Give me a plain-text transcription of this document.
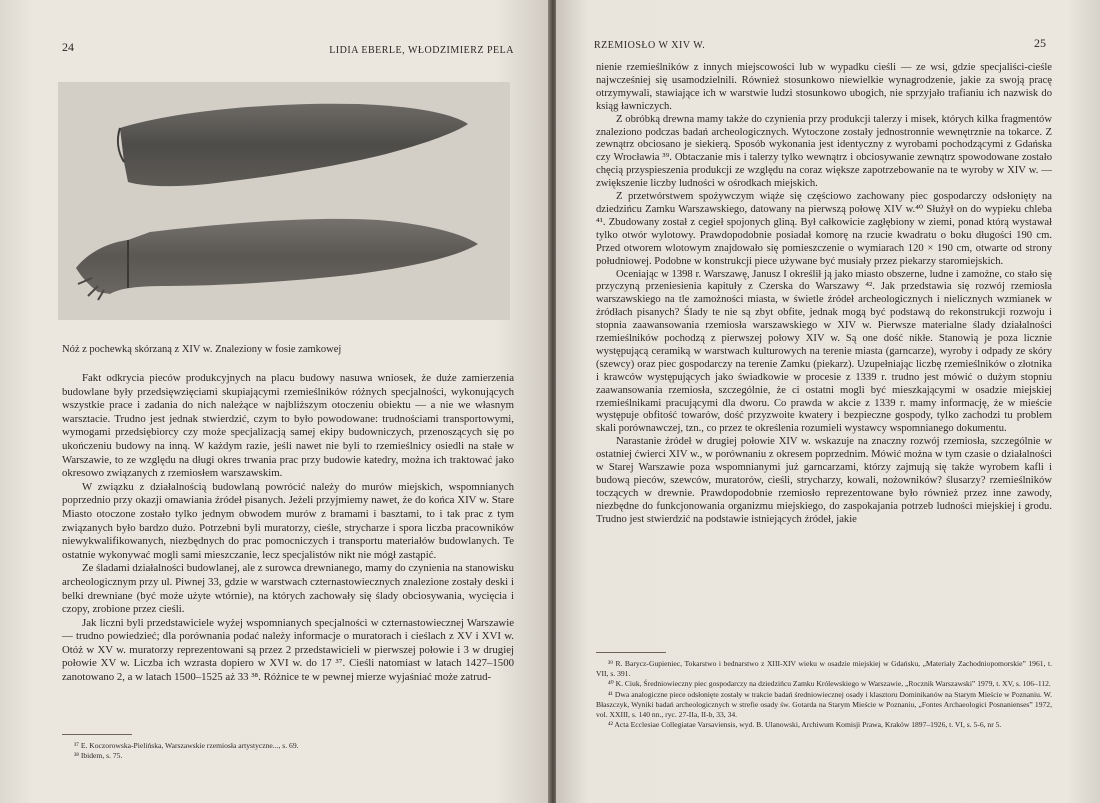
24	LIDIA EBERLE, WŁODZIMIERZ PELA
Nóż z pochewką skórzaną z XIV w. Znaleziony w fosie zamkowej

Fakt odkrycia pieców produkcyjnych na placu budowy nasuwa wniosek, że duże zamierzenia budowlane były przedsięwzięciami skupiającymi rzemieślników różnych specjalności, wykonujących wszystkie prace i zadania do nich należące w najbliższym otoczeniu obiektu — a nie we własnym warsztacie. Trudno jest jednak stwierdzić, czym to było powodowane: trudnościami transportowymi, wymogami przedsiębiorcy czy może specjalizacją samej ekipy budowniczych, przenoszących się po ukończeniu budowy na inną. W każdym razie, jeśli nawet nie byli to rzemieślnicy osiedli na stałe w Warszawie, to ze względu na długi okres trwania prac przy budowie katedry, można ich traktować jako okresowo związanych z rzemiosłem warszawskim.

W związku z działalnością budowlaną powrócić należy do murów miejskich, wspomnianych poprzednio przy okazji omawiania źródeł pisanych. Jeżeli przyjmiemy nawet, że do końca XIV w. Stare Miasto otoczone zostało tylko jednym obwodem murów z bramami i basztami, to i tak prac z tym związanych było bardzo dużo. Potrzebni byli muratorzy, cieśle, strycharze i spora liczba pracowników niewykwalifikowanych, niezbędnych do prac pomocniczych i transportu materiałów budowlanych. Te ostatnie wykonywać mogli sami mieszczanie, lecz specjalistów nikt nie mógł zastąpić.

Ze śladami działalności budowlanej, ale z surowca drewnianego, mamy do czynienia na stanowisku archeologicznym przy ul. Piwnej 33, gdzie w warstwach czternastowiecznych znalezione zostały deski i belki drewniane (być może użyte wtórnie), na których zachowały się ślady obciosywania, wycięcia i czopy, zrobione przez cieśli.

Jak liczni byli przedstawiciele wyżej wspomnianych specjalności w czternastowiecznej Warszawie — trudno powiedzieć; dla porównania podać należy informacje o muratorach i cieślach z XV i XVI w. Otóż w XV w. muratorzy reprezentowani są przez 2 przedstawicieli w pierwszej połowie i 3 w drugiej połowie XV w. Liczba ich wzrasta dopiero w XVI w. do 17 ³⁷. Cieśli natomiast w latach 1427–1500 zanotowano 2, a w latach 1500–1525 aż 33 ³⁸. Różnice te w pewnej mierze wyjaśniać może zatrud-

³⁷ E. Koczorowska-Pielińska, Warszawskie rzemiosła artystyczne..., s. 69.
³⁸ Ibidem, s. 75.
RZEMIOSŁO W XIV W.	25

nienie rzemieślników z innych miejscowości lub w wypadku cieśli — ze wsi, gdzie specjaliści-cieśle najwcześniej się usamodzielnili. Również stosunkowo niewielkie wynagrodzenie, jakie za swoją pracę otrzymywali, stawiające ich w warstwie ludzi stosunkowo ubogich, nie sprzyjało trafianiu ich nazwisk do ksiąg ławniczych.

Z obróbką drewna mamy także do czynienia przy produkcji talerzy i misek, których kilka fragmentów znaleziono podczas badań archeologicznych. Wytoczone zostały jednostronnie wewnętrznie na tokarce. Z zewnątrz obciosano je siekierą. Sposób wykonania jest identyczny z wyrobami pochodzącymi z Gdańska czy Wrocławia ³⁹. Obtaczanie mis i talerzy tylko wewnątrz i obciosywanie zewnątrz spowodowane zostało chęcią przyspieszenia produkcji ze względu na coraz większe zapotrzebowanie na te wyroby w XIV w. — zwiększenie liczby ludności w ośrodkach miejskich.

Z przetwórstwem spożywczym wiąże się częściowo zachowany piec gospodarczy odsłonięty na dziedzińcu Zamku Warszawskiego, datowany na pierwszą połowę XIV w.⁴⁰ Służył on do wypieku chleba ⁴¹. Zbudowany został z cegieł spojonych gliną. Był całkowicie zagłębiony w ziemi, ponad którą wystawał tylko otwór wylotowy. Prawdopodobnie posiadał komorę na rzucie kwadratu o boku długości 190 cm. Przed otworem wlotowym znajdowało się pomieszczenie o wymiarach 120 × 190 cm, otwarte od strony południowej. Podobne w konstrukcji piece używane być musiały przez piekarzy staromiejskich.

Oceniając w 1398 r. Warszawę, Janusz I określił ją jako miasto obszerne, ludne i zamożne, co stało się przyczyną przeniesienia kapituły z Czerska do Warszawy ⁴². Jak przedstawia się rozwój rzemiosła warszawskiego na tle zamożności miasta, w świetle źródeł archeologicznych i nielicznych wzmianek w źródłach pisanych? Ślady te nie są zbyt obfite, jednak mogą być podstawą do rekonstrukcji rozwoju i stopnia zaawansowania rzemiosła warszawskiego w XIV w. Pierwsze materialne ślady działalności rzemieślników pochodzą z pierwszej połowy XIV w. Są one dość nikłe. Stanowią je poza licznie występującą ceramiką w warstwach kulturowych na terenie miasta (garncarze), wyroby i odpady ze skóry (szewcy) oraz piec gospodarczy na terenie Zamku (piekarz). Uzupełniając liczbę rzemieślników o złotnika i krawców występujących jako świadkowie w procesie z 1339 r. trudno jest mówić o dużym stopniu zaawansowania rzemiosła, szczególnie, że ci ostatni mogli być mieszkającymi w osadzie miejskiej rzemieślnikami pracującymi dla dworu. Co prawda w akcie z 1339 r. mamy informację, że w mieście występuje obfitość towarów, dość przyzwoite kwatery i bezpieczne gospody, tylko zachodzi tu problem skali porównawczej, tzn., co przez te określenia rozumieli wystawcy wspomnianego dokumentu.

Narastanie źródeł w drugiej połowie XIV w. wskazuje na znaczny rozwój rzemiosła, szczególnie w ostatniej ćwierci XIV w., w porównaniu z okresem poprzednim. Mówić można w tym czasie o działalności w Starej Warszawie poza wspomnianymi już garncarzami, którzy zajmują się także wyrobem kafli i budową pieców, szewców, muratorów, cieśli, strycharzy, kowali, nożowników? ślusarzy? rzemieślników toczących w drewnie. Prawdopodobnie rzemiosło reprezentowane było również przez inne zawody, niezbędne do funkcjonowania organizmu miejskiego, do zaspokajania potrzeb ludności miejskiej i grodu. Trudno jest stwierdzić na podstawie istniejących źródeł, jakie

³⁹ R. Barycz-Gupieniec, Tokarstwo i bednarstwo z XIII-XIV wieku w osadzie miejskiej w Gdańsku, „Materiały Zachodniopomorskie” 1961, t. VII, s. 391.
⁴⁰ K. Ciuk, Średniowieczny piec gospodarczy na dziedzińcu Zamku Królewskiego w Warszawie, „Rocznik Warszawski” 1979, t. XV, s. 106–112.
⁴¹ Dwa analogiczne piece odsłonięte zostały w trakcie badań średniowiecznej osady i klasztoru Dominikanów na Starym Mieście w Poznaniu. W. Błaszczyk, Wyniki badań archeologicznych w strefie osady św. Gotarda na Starym Mieście w Poznaniu, „Fontes Archaeologici Posnanienses” 1972, vol. XXIII, s. 140 nn., ryc. 27-IIa, II-b, 33, 34.
⁴² Acta Ecclesiae Collegiatae Varsaviensis, wyd. B. Ulanowski, Archiwum Komisji Prawa, Kraków 1897–1926, t. VI, s. 5-6, nr 5.
